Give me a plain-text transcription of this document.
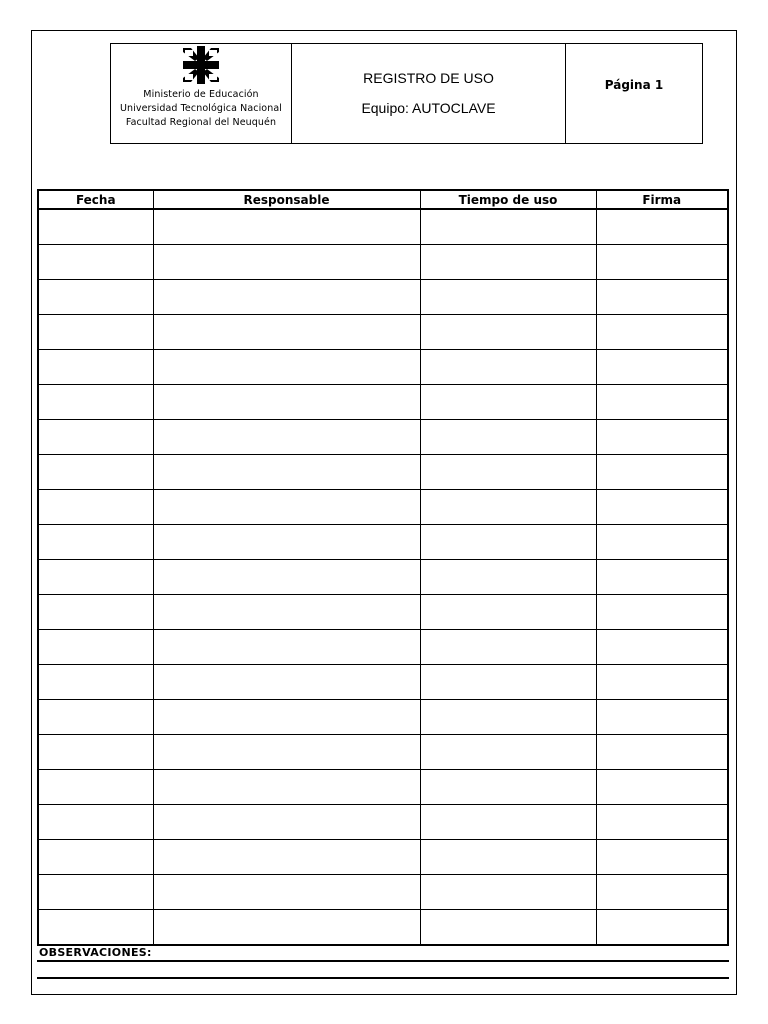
Ministerio de Educación
Universidad Tecnológica Nacional
Facultad Regional del Neuquén
REGISTRO DE USO
Equipo: AUTOCLAVE
Página 1
Fecha	Responsable	Tiempo de uso	Firma

OBSERVACIONES:
